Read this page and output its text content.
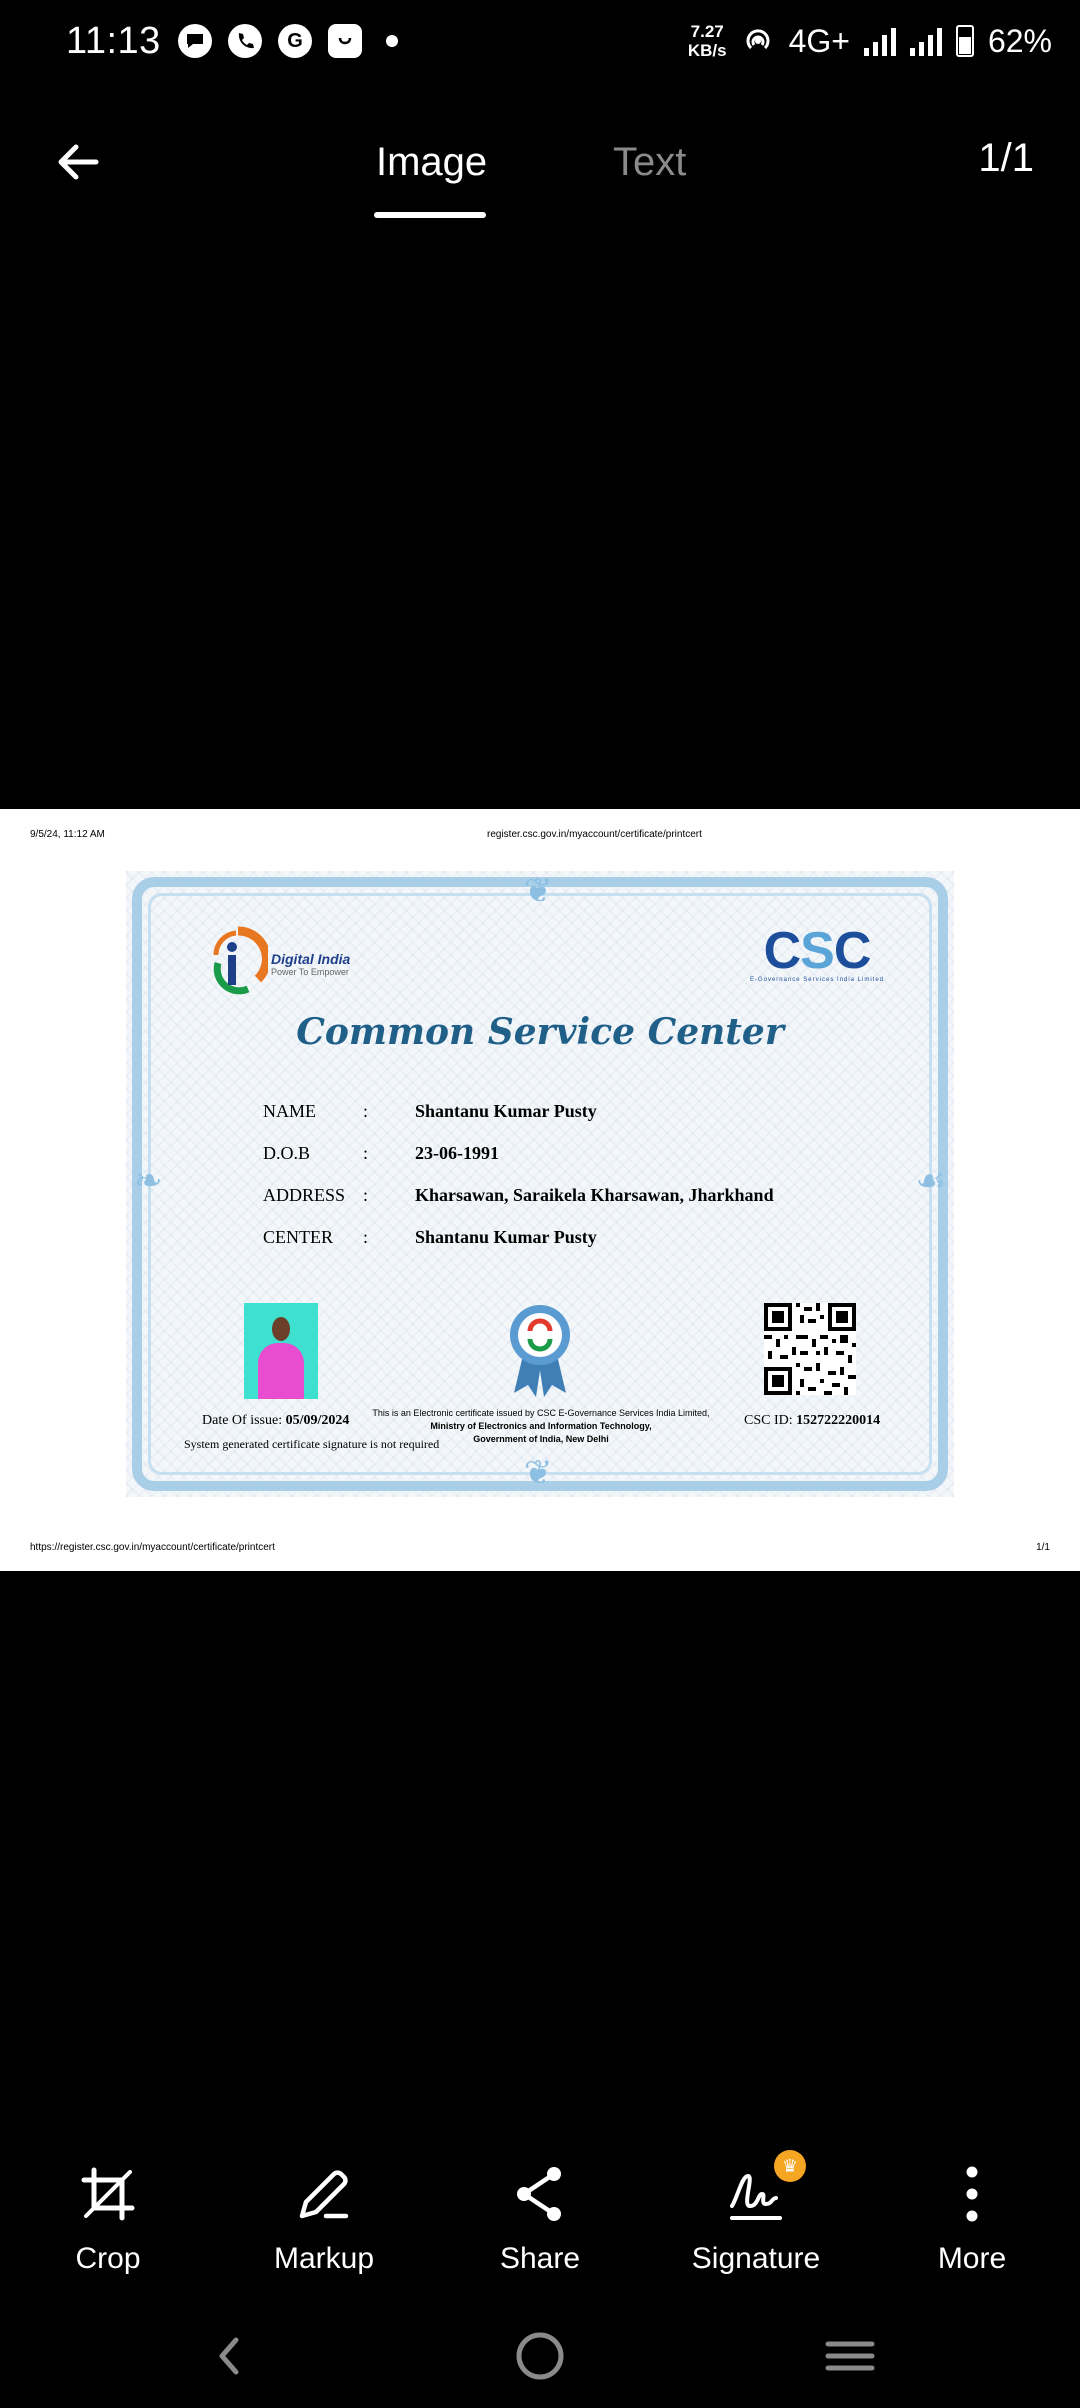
11:13	G	7.27
KB/s 4G+	62%
Image	Text	1/1
9/5/24, 11:12 AM	register.csc.gov.in/myaccount/certificate/printcert
❦
❦
❧	☙
Digital India
Power To Empower	CSC
E-Governance Services India Limited
Common Service Center
NAME	:	Shantanu Kumar Pusty
D.O.B	:	23-06-1991
ADDRESS :	Kharsawan, Saraikela Kharsawan, Jharkhand
CENTER	:	Shantanu Kumar Pusty
Date Of issue: 05/09/2024
System generated certificate signature is not required
This is an Electronic certificate issued by CSC E-Governance Services India Limited,
Ministry of Electronics and Information Technology,
Government of India, New Delhi
CSC ID: 152722220014
https://register.csc.gov.in/myaccount/certificate/printcert	1/1
Crop	Markup	Share
♛
Signature	More
